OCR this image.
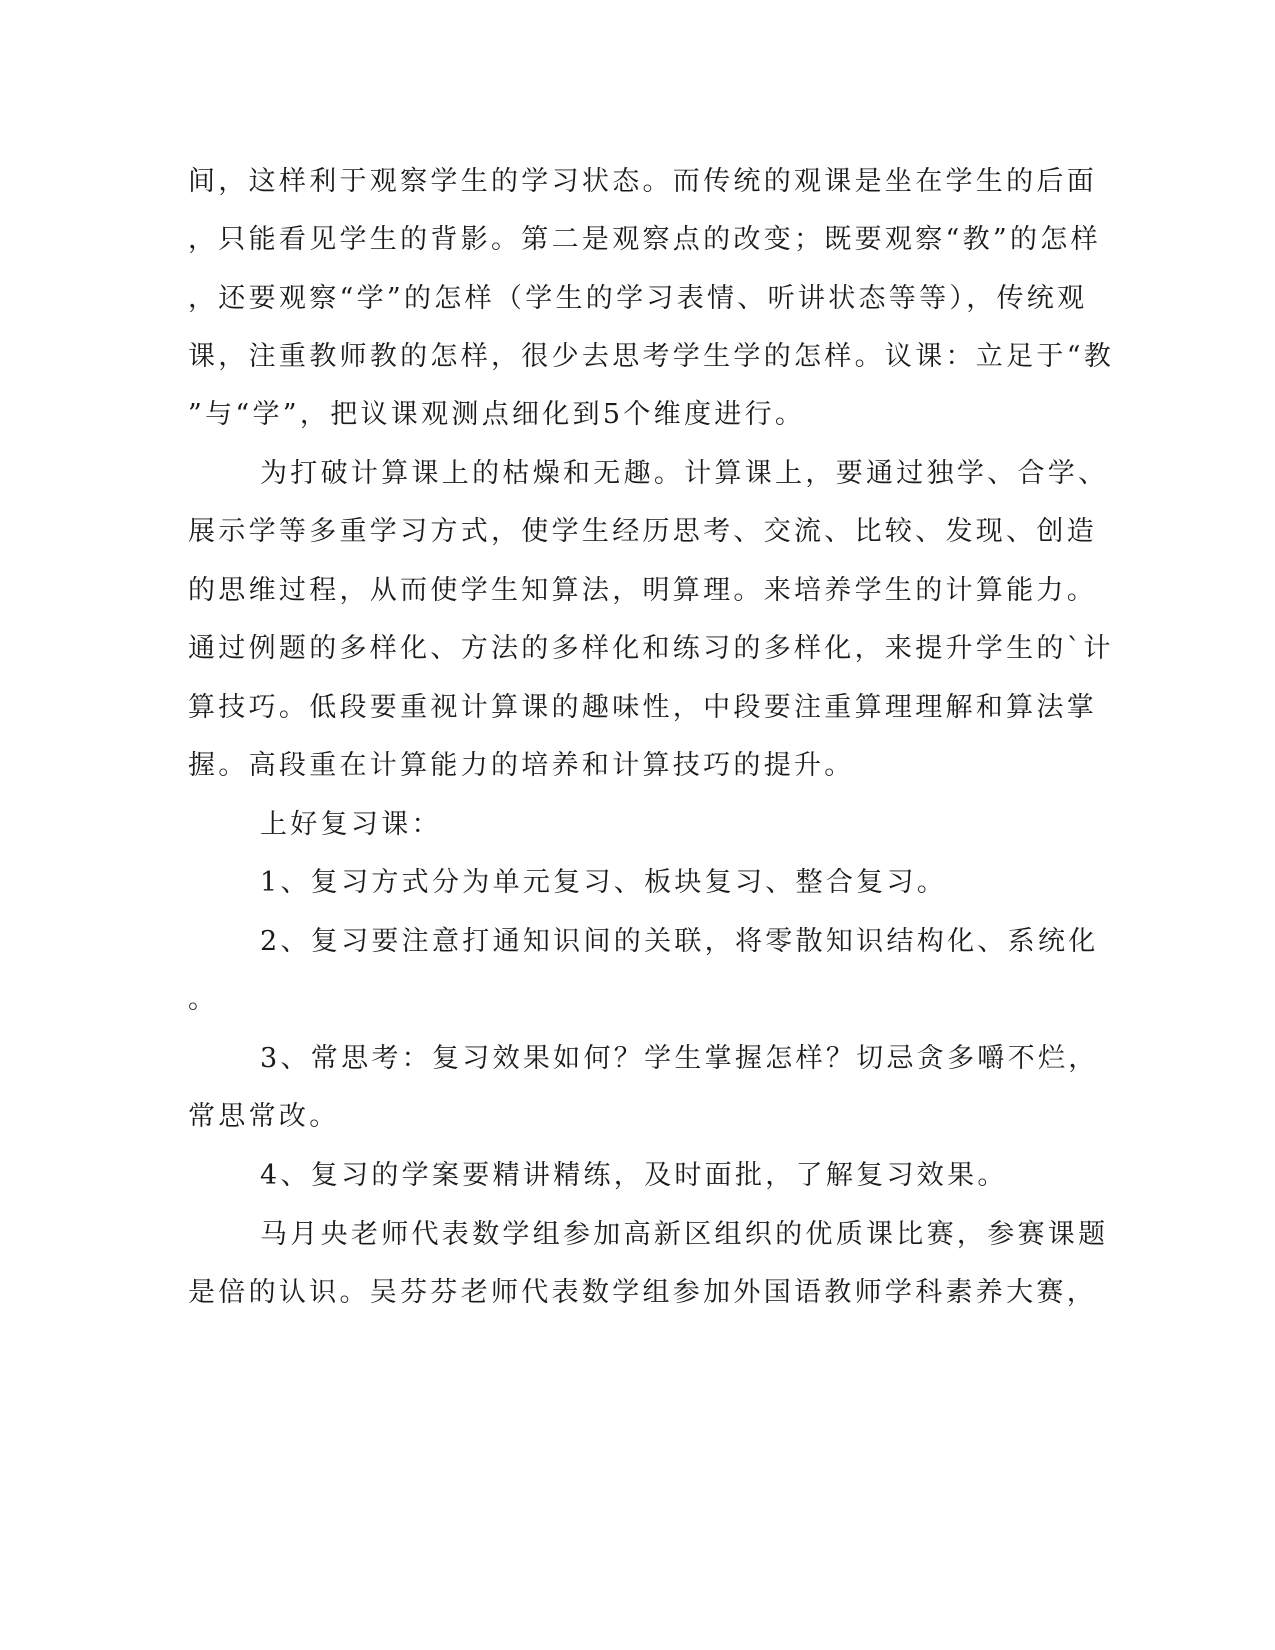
间，这样利于观察学生的学习状态。而传统的观课是坐在学生的后面
，只能看见学生的背影。第二是观察点的改变；既要观察“教”的怎样
，还要观察“学”的怎样（学生的学习表情、听讲状态等等），传统观
课，注重教师教的怎样，很少去思考学生学的怎样。议课：立足于“教
”与“学”，把议课观测点细化到5个维度进行。
为打破计算课上的枯燥和无趣。计算课上，要通过独学、合学、
展示学等多重学习方式，使学生经历思考、交流、比较、发现、创造
的思维过程，从而使学生知算法，明算理。来培养学生的计算能力。
通过例题的多样化、方法的多样化和练习的多样化，来提升学生的`计
算技巧。低段要重视计算课的趣味性，中段要注重算理理解和算法掌
握。高段重在计算能力的培养和计算技巧的提升。
上好复习课：
1、复习方式分为单元复习、板块复习、整合复习。
2、复习要注意打通知识间的关联，将零散知识结构化、系统化
。
3、常思考：复习效果如何？学生掌握怎样？切忌贪多嚼不烂，
常思常改。
4、复习的学案要精讲精练，及时面批，了解复习效果。
马月央老师代表数学组参加高新区组织的优质课比赛，参赛课题
是倍的认识。吴芬芬老师代表数学组参加外国语教师学科素养大赛，
